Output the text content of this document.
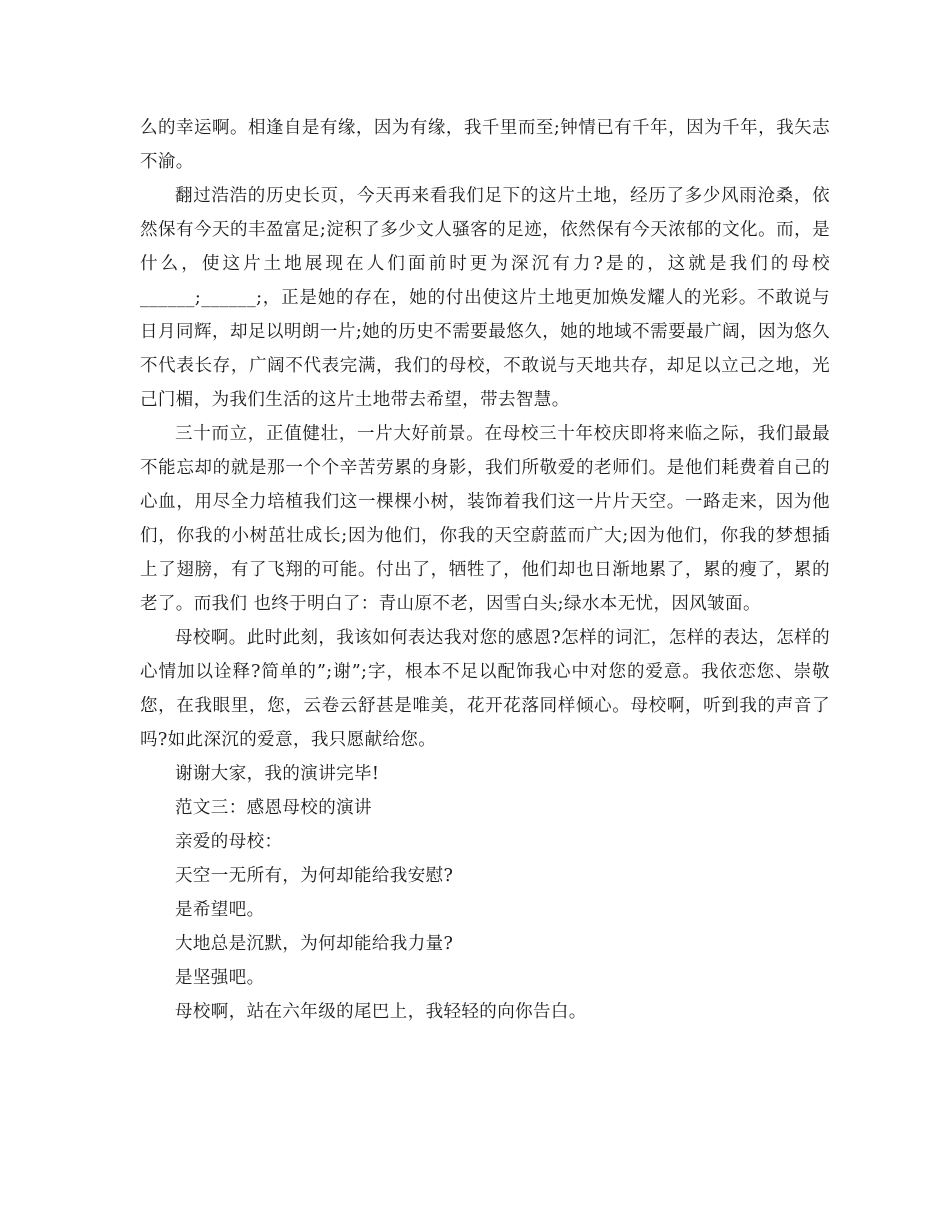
么的幸运啊。相逢自是有缘，因为有缘，我千里而至;钟情已有千年，因为千年，我矢志不渝。

翻过浩浩的历史长页，今天再来看我们足下的这片土地，经历了多少风雨沧桑，依然保有今天的丰盈富足;淀积了多少文人骚客的足迹，依然保有今天浓郁的文化。而，是什么，使这片土地展现在人们面前时更为深沉有力?是的，这就是我们的母校______;______;，正是她的存在，她的付出使这片土地更加焕发耀人的光彩。不敢说与日月同辉，却足以明朗一片;她的历史不需要最悠久，她的地域不需要最广阔，因为悠久不代表长存，广阔不代表完满，我们的母校，不敢说与天地共存，却足以立己之地，光己门楣，为我们生活的这片土地带去希望，带去智慧。

三十而立，正值健壮，一片大好前景。在母校三十年校庆即将来临之际，我们最最不能忘却的就是那一个个辛苦劳累的身影，我们所敬爱的老师们。是他们耗费着自己的心血，用尽全力培植我们这一棵棵小树，装饰着我们这一片片天空。一路走来，因为他们，你我的小树茁壮成长;因为他们，你我的天空蔚蓝而广大;因为他们，你我的梦想插上了翅膀，有了飞翔的可能。付出了，牺牲了，他们却也日渐地累了，累的瘦了，累的老了。而我们 也终于明白了：青山原不老，因雪白头;绿水本无忧，因风皱面。

母校啊。此时此刻，我该如何表达我对您的感恩?怎样的词汇，怎样的表达，怎样的心情加以诠释?简单的”;谢”;字，根本不足以配饰我心中对您的爱意。我依恋您、崇敬您，在我眼里，您，云卷云舒甚是唯美，花开花落同样倾心。母校啊，听到我的声音了吗?如此深沉的爱意，我只愿献给您。

谢谢大家，我的演讲完毕!

范文三：感恩母校的演讲

亲爱的母校：

天空一无所有，为何却能给我安慰?

是希望吧。

大地总是沉默，为何却能给我力量?

是坚强吧。

母校啊，站在六年级的尾巴上，我轻轻的向你告白。
